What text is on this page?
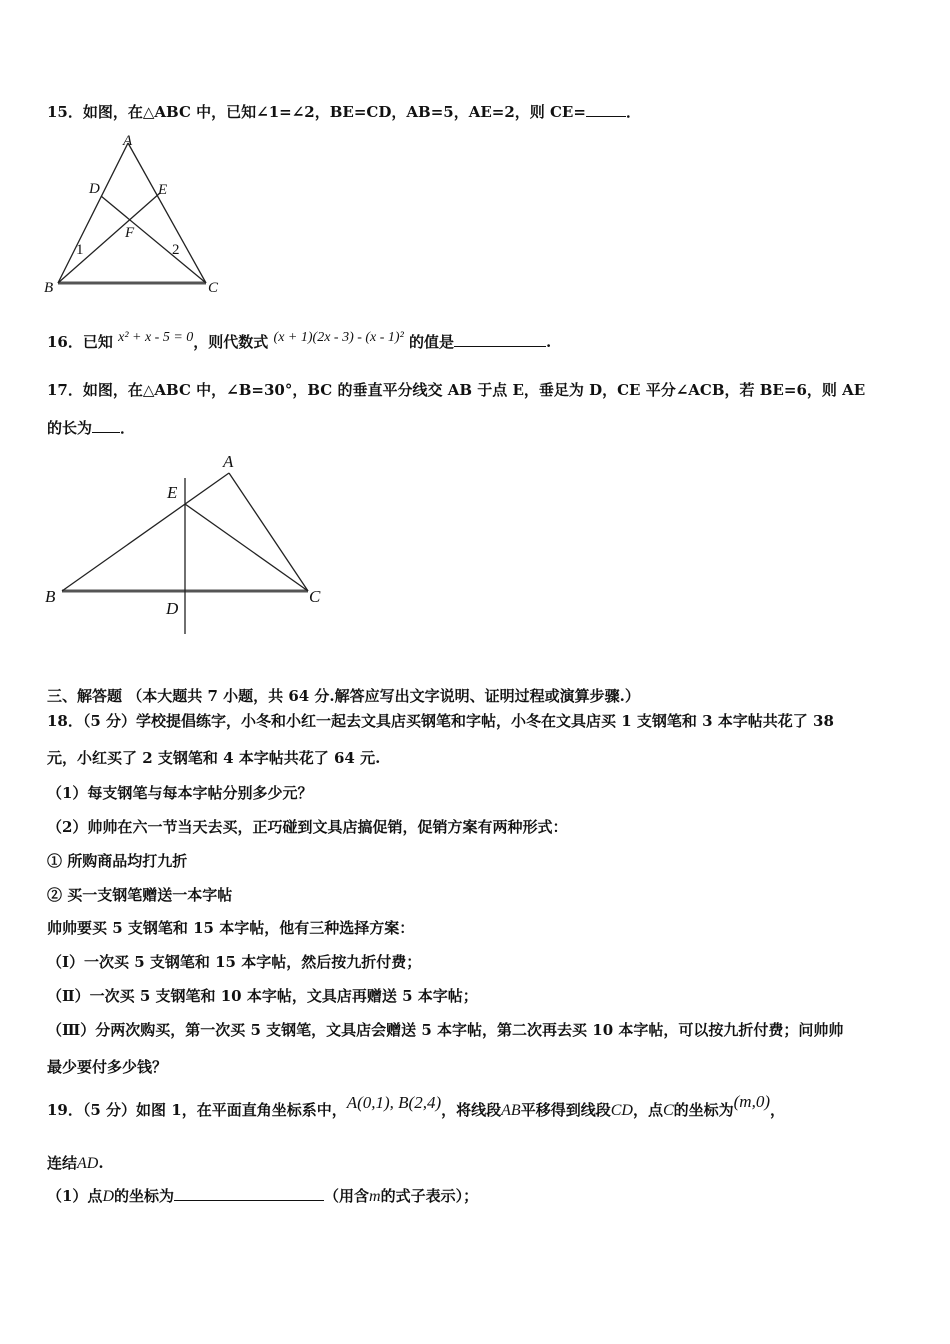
15．如图，在△ABC 中，已知∠1=∠2，BE=CD，AB=5，AE=2，则 CE=	．
A
D	E
F
1	2
B	C
16．已知 x² + x - 5 = 0，则代数式 (x + 1)(2x - 3) - (x - 1)² 的值是	.
17．如图，在△ABC 中，∠B=30°，BC 的垂直平分线交 AB 于点 E，垂足为 D，CE 平分∠ACB，若 BE=6，则 AE
的长为 ．
A
E
B	C
D
三、解答题 （本大题共 7 小题，共 64 分.解答应写出文字说明、证明过程或演算步骤.）
18．（5 分）学校提倡练字，小冬和小红一起去文具店买钢笔和字帖，小冬在文具店买 1 支钢笔和 3 本字帖共花了 38
元，小红买了 2 支钢笔和 4 本字帖共花了 64 元.
（1）每支钢笔与每本字帖分别多少元？
（2）帅帅在六一节当天去买，正巧碰到文具店搞促销，促销方案有两种形式：
① 所购商品均打九折
② 买一支钢笔赠送一本字帖
帅帅要买 5 支钢笔和 15 本字帖，他有三种选择方案：
（Ⅰ）一次买 5 支钢笔和 15 本字帖，然后按九折付费；
（Ⅱ）一次买 5 支钢笔和 10 本字帖，文具店再赠送 5 本字帖；
（Ⅲ）分两次购买，第一次买 5 支钢笔，文具店会赠送 5 本字帖，第二次再去买 10 本字帖，可以按九折付费；问帅帅
最少要付多少钱？
19．（5 分）如图 1，在平面直角坐标系中，A(0,1), B(2,4)，将线段AB平移得到线段CD，点C的坐标为(m,0)，
连结AD.
（1）点D的坐标为	（用含m的式子表示）；
